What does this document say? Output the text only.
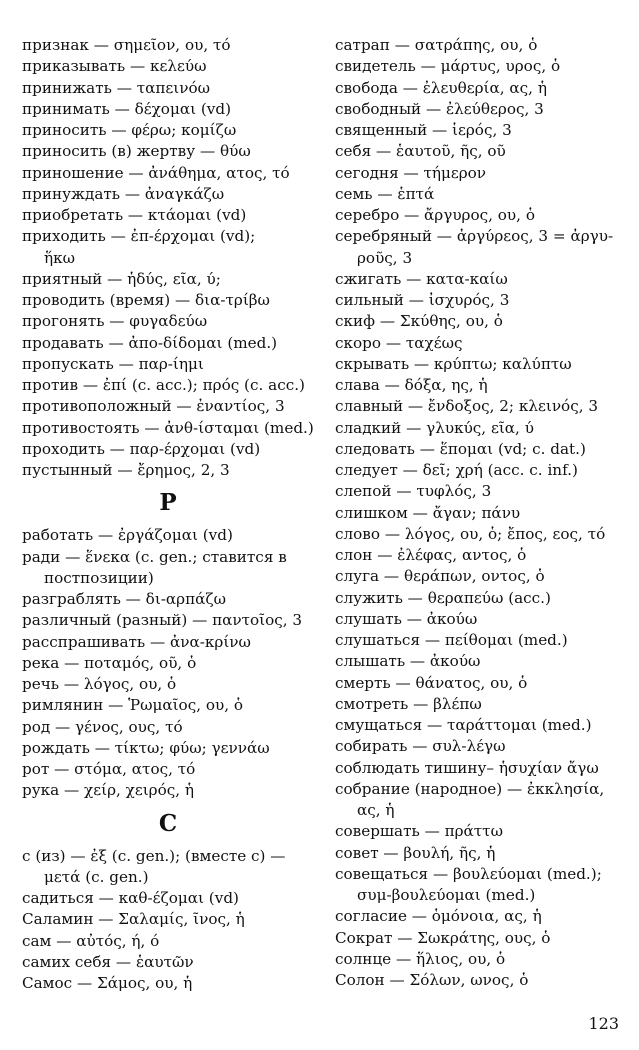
признак — σημεῖον, ου, τό
приказывать — κελεύω
принижать — ταπεινόω
принимать — δέχομαι (vd)
приносить — φέρω; κομίζω
приносить (в) жертву — θύω
приношение — ἀνάθημα, ατος, τό
принуждать — ἀναγκάζω
приобретать — κτάομαι (vd)
приходить — ἐπ-έρχομαι (vd);
ἥκω
приятный — ἡδύς, εῖα, ύ;
проводить (время) — δια-τρίβω
прогонять — φυγαδεύω
продавать — ἀπο-δίδομαι (med.)
пропускать — παρ-ίημι
против — ἐπί (c. acc.); πρός (c. acc.)
противоположный — ἐναντίος, 3
противостоять — ἀνθ-ίσταμαι (med.)
проходить — παρ-έρχομαι (vd)
пустынный — ἔρημος, 2, 3
Р
работать — ἐργάζομαι (vd)
ради — ἕνεκα (c. gen.; ставится в
постпозиции)
разграблять — δι-αρπάζω
различный (разный) — παντοῖος, 3
расспрашивать — ἀνα-κρίνω
река — ποταμός, οῦ, ὁ
речь — λόγος, ου, ὁ
римлянин — Ῥωμαῖος, ου, ὁ
род — γένος, ους, τό
рождать — τίκτω; φύω; γεννάω
рот — στόμα, ατος, τό
рука — χείρ, χειρός, ἡ
С
с (из) — ἐξ (c. gen.); (вместе с) —
μετά (c. gen.)
садиться — καθ-έζομαι (vd)
Саламин — Σαλαμίς, ῖνος, ἡ
сам — αὐτός, ή, ό
самих себя — ἑαυτῶν
Самос — Σάμος, ου, ἡ
сатрап — σατράπης, ου, ὁ
свидетель — μάρτυς, υρος, ὁ
свобода — ἐλευθερία, ας, ἡ
свободный — ἐλεύθερος, 3
священный — ἱερός, 3
себя — ἑαυτοῦ, ῆς, οῦ
сегодня — τήμερον
семь — ἑπτά
серебро — ἄργυρος, ου, ὁ
серебряный — ἀργύρεος, 3 = ἀργυ-
ροῦς, 3
сжигать — κατα-καίω
сильный — ἰσχυρός, 3
скиф — Σκύθης, ου, ὁ
скоро — ταχέως
скрывать — κρύπτω; καλύπτω
слава — δόξα, ης, ἡ
славный — ἔνδοξος, 2; κλεινός, 3
сладкий — γλυκύς, εῖα, ύ
следовать — ἕπομαι (vd; c. dat.)
следует — δεῖ; χρή (acc. c. inf.)
слепой — τυφλός, 3
слишком — ἄγαν; πάνυ
слово — λόγος, ου, ὁ; ἔπος, εος, τό
слон — ἐλέφας, αντος, ὁ
слуга — θεράπων, οντος, ὁ
служить — θεραπεύω (acc.)
слушать — ἀκούω
слушаться — πείθομαι (med.)
слышать — ἀκούω
смерть — θάνατος, ου, ὁ
смотреть — βλέπω
смущаться — ταράττομαι (med.)
собирать — συλ-λέγω
соблюдать тишину– ἡσυχίαν ἄγω
собрание (народное) — ἐκκλησία,
ας, ἡ
совершать — πράττω
совет — βουλή, ῆς, ἡ
совещаться — βουλεύομαι (med.);
συμ-βουλεύομαι (med.)
согласие — ὁμόνοια, ας, ἡ
Сократ — Σωκράτης, ους, ὁ
солнце — ἥλιος, ου, ὁ
Солон — Σόλων, ωνος, ὁ
123
